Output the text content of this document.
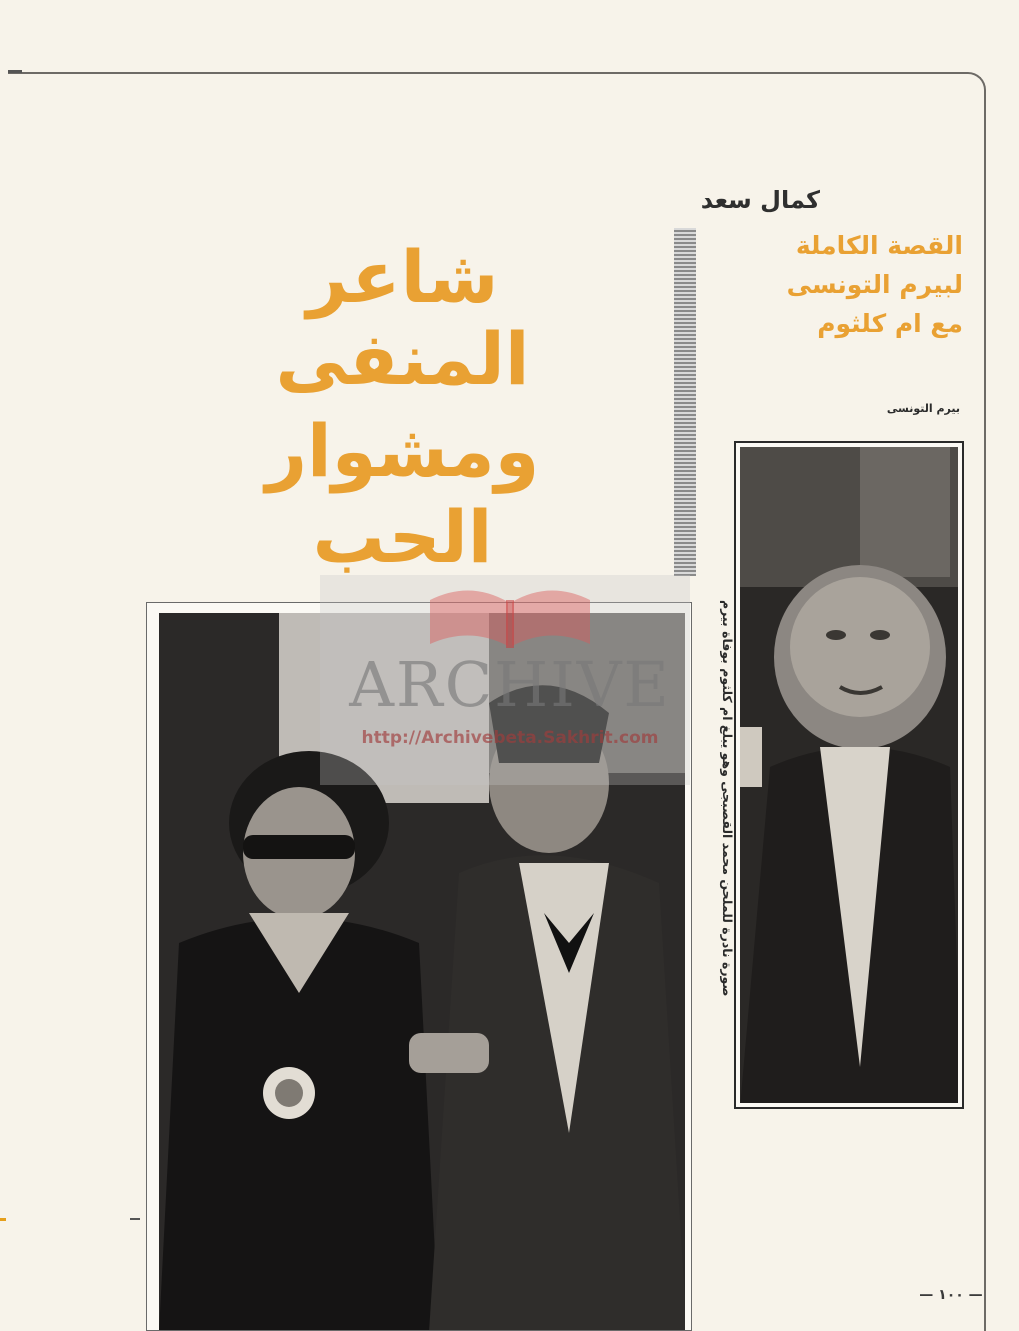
كمال سعد
شاعر
المنفى
ومشوار
الحب
القصة الكاملة
لبيرم التونسى
مع ام كلثوم
بيرم التونسى
صورة نادرة للملحن محمد القصبجى وهو يبلغ ام كلثوم بوفاة بيرم
ARCHIVE
http://Archivebeta.Sakhrit.com
— ١٠٠ —
